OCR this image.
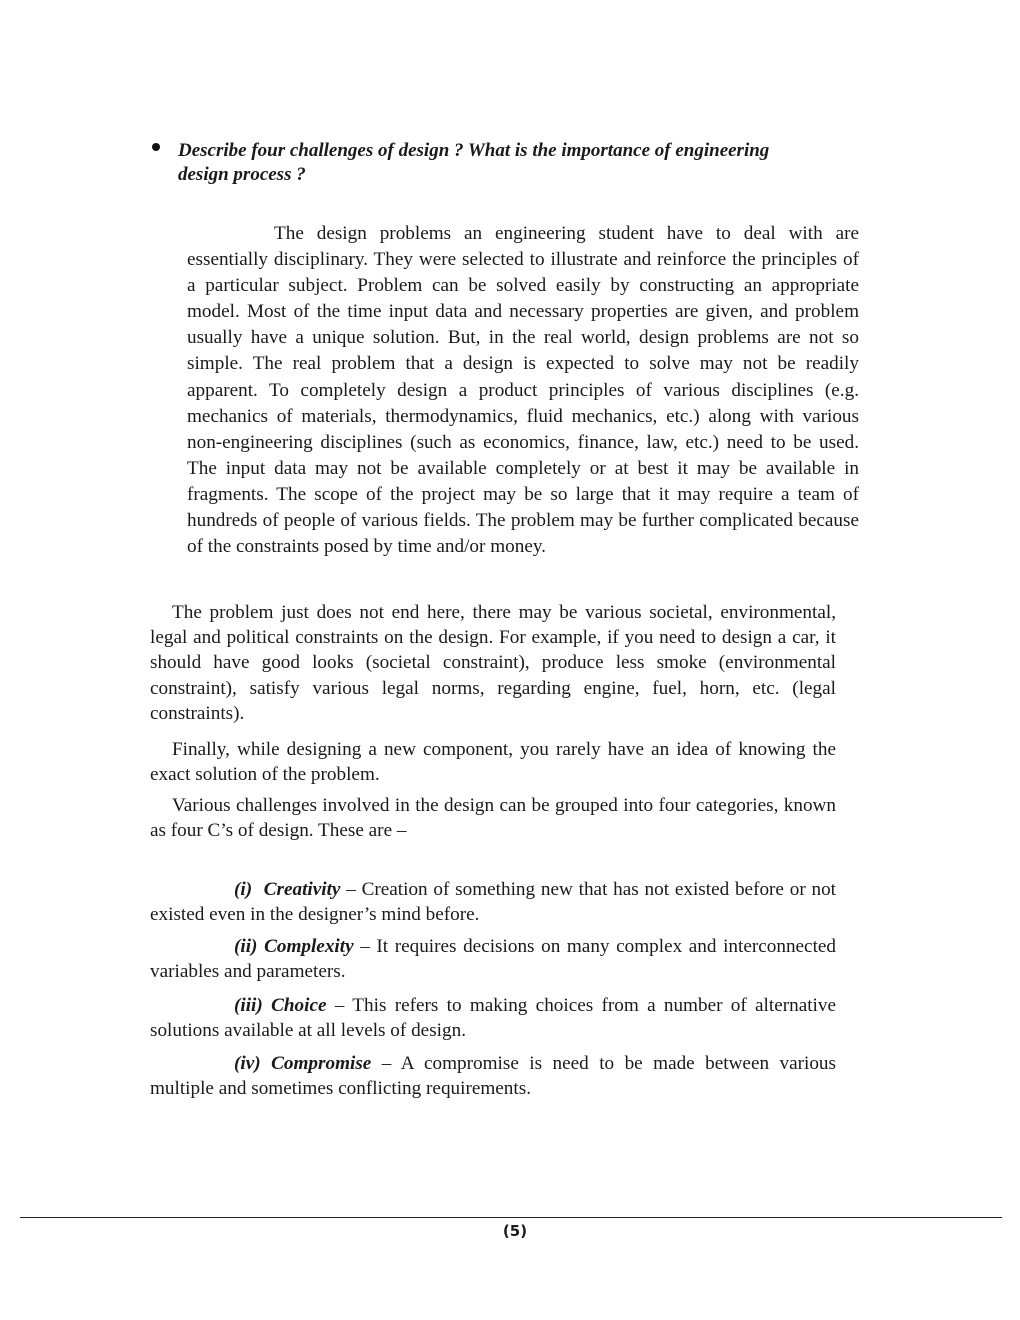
Describe four challenges of design ? What is the importance of engineering design process ?
The design problems an engineering student have to deal with are essentially disciplinary. They were selected to illustrate and reinforce the principles of a particular subject. Problem can be solved easily by constructing an appropriate model. Most of the time input data and necessary properties are given, and problem usually have a unique solution. But, in the real world, design problems are not so simple. The real problem that a design is expected to solve may not be readily apparent. To completely design a product principles of various disciplines (e.g. mechanics of materials, thermodynamics, fluid mechanics, etc.) along with various non-engineering disciplines (such as economics, finance, law, etc.) need to be used. The input data may not be available completely or at best it may be available in fragments. The scope of the project may be so large that it may require a team of hundreds of people of various fields. The problem may be further complicated because of the constraints posed by time and/or money.
The problem just does not end here, there may be various societal, environmental, legal and political constraints on the design. For example, if you need to design a car, it should have good looks (societal constraint), produce less smoke (environmental constraint), satisfy various legal norms, regarding engine, fuel, horn, etc. (legal constraints).
Finally, while designing a new component, you rarely have an idea of knowing the exact solution of the problem.
Various challenges involved in the design can be grouped into four categories, known as four C’s of design. These are –
(i) Creativity – Creation of something new that has not existed before or not existed even in the designer’s mind before.
(ii) Complexity – It requires decisions on many complex and interconnected variables and parameters.
(iii) Choice – This refers to making choices from a number of alternative solutions available at all levels of design.
(iv) Compromise – A compromise is need to be made between various multiple and sometimes conflicting requirements.
(5)
